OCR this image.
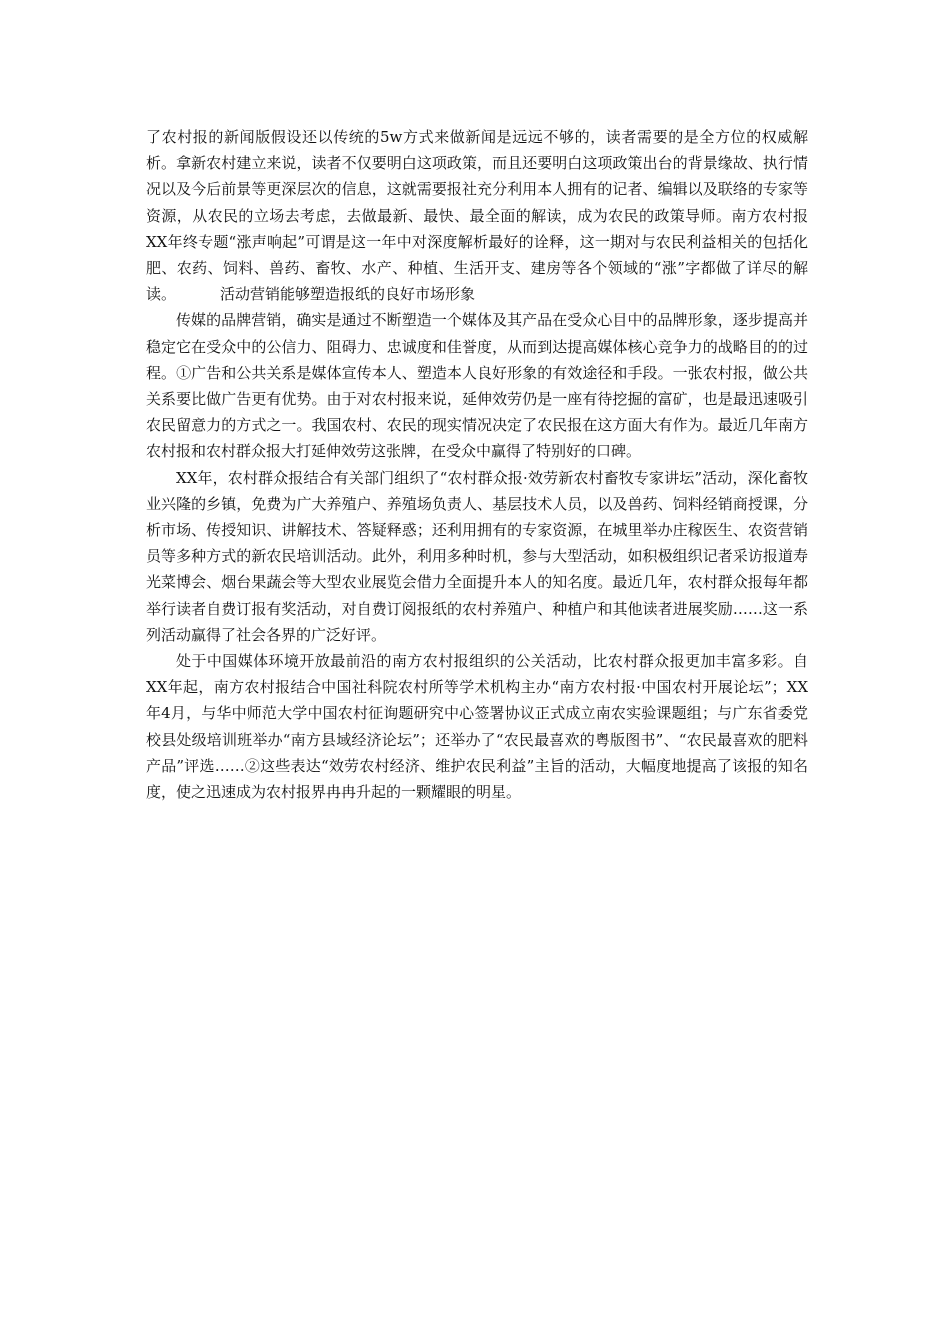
了农村报的新闻版假设还以传统的5w方式来做新闻是远远不够的，读者需要的是全方位的权威解析。拿新农村建立来说，读者不仅要明白这项政策，而且还要明白这项政策出台的背景缘故、执行情况以及今后前景等更深层次的信息，这就需要报社充分利用本人拥有的记者、编辑以及联络的专家等资源，从农民的立场去考虑，去做最新、最快、最全面的解读，成为农民的政策导师。南方农村报XX年终专题“涨声响起”可谓是这一年中对深度解析最好的诠释，这一期对与农民利益相关的包括化肥、农药、饲料、兽药、畜牧、水产、种植、生活开支、建房等各个领域的“涨”字都做了详尽的解读。	活动营销能够塑造报纸的良好市场形象

传媒的品牌营销，确实是通过不断塑造一个媒体及其产品在受众心目中的品牌形象，逐步提高并稳定它在受众中的公信力、阻碍力、忠诚度和佳誉度，从而到达提高媒体核心竞争力的战略目的的过程。①广告和公共关系是媒体宣传本人、塑造本人良好形象的有效途径和手段。一张农村报，做公共关系要比做广告更有优势。由于对农村报来说，延伸效劳仍是一座有待挖掘的富矿，也是最迅速吸引农民留意力的方式之一。我国农村、农民的现实情况决定了农民报在这方面大有作为。最近几年南方农村报和农村群众报大打延伸效劳这张牌，在受众中赢得了特别好的口碑。

XX年，农村群众报结合有关部门组织了“农村群众报·效劳新农村畜牧专家讲坛”活动，深化畜牧业兴隆的乡镇，免费为广大养殖户、养殖场负责人、基层技术人员，以及兽药、饲料经销商授课，分析市场、传授知识、讲解技术、答疑释惑；还利用拥有的专家资源，在城里举办庄稼医生、农资营销员等多种方式的新农民培训活动。此外，利用多种时机，参与大型活动，如积极组织记者采访报道寿光菜博会、烟台果蔬会等大型农业展览会借力全面提升本人的知名度。最近几年，农村群众报每年都举行读者自费订报有奖活动，对自费订阅报纸的农村养殖户、种植户和其他读者进展奖励……这一系列活动赢得了社会各界的广泛好评。

处于中国媒体环境开放最前沿的南方农村报组织的公关活动，比农村群众报更加丰富多彩。自XX年起，南方农村报结合中国社科院农村所等学术机构主办“南方农村报·中国农村开展论坛”；XX年4月，与华中师范大学中国农村征询题研究中心签署协议正式成立南农实验课题组；与广东省委党校县处级培训班举办“南方县域经济论坛”；还举办了“农民最喜欢的粤版图书”、“农民最喜欢的肥料产品”评选……②这些表达“效劳农村经济、维护农民利益”主旨的活动，大幅度地提高了该报的知名度，使之迅速成为农村报界冉冉升起的一颗耀眼的明星。
